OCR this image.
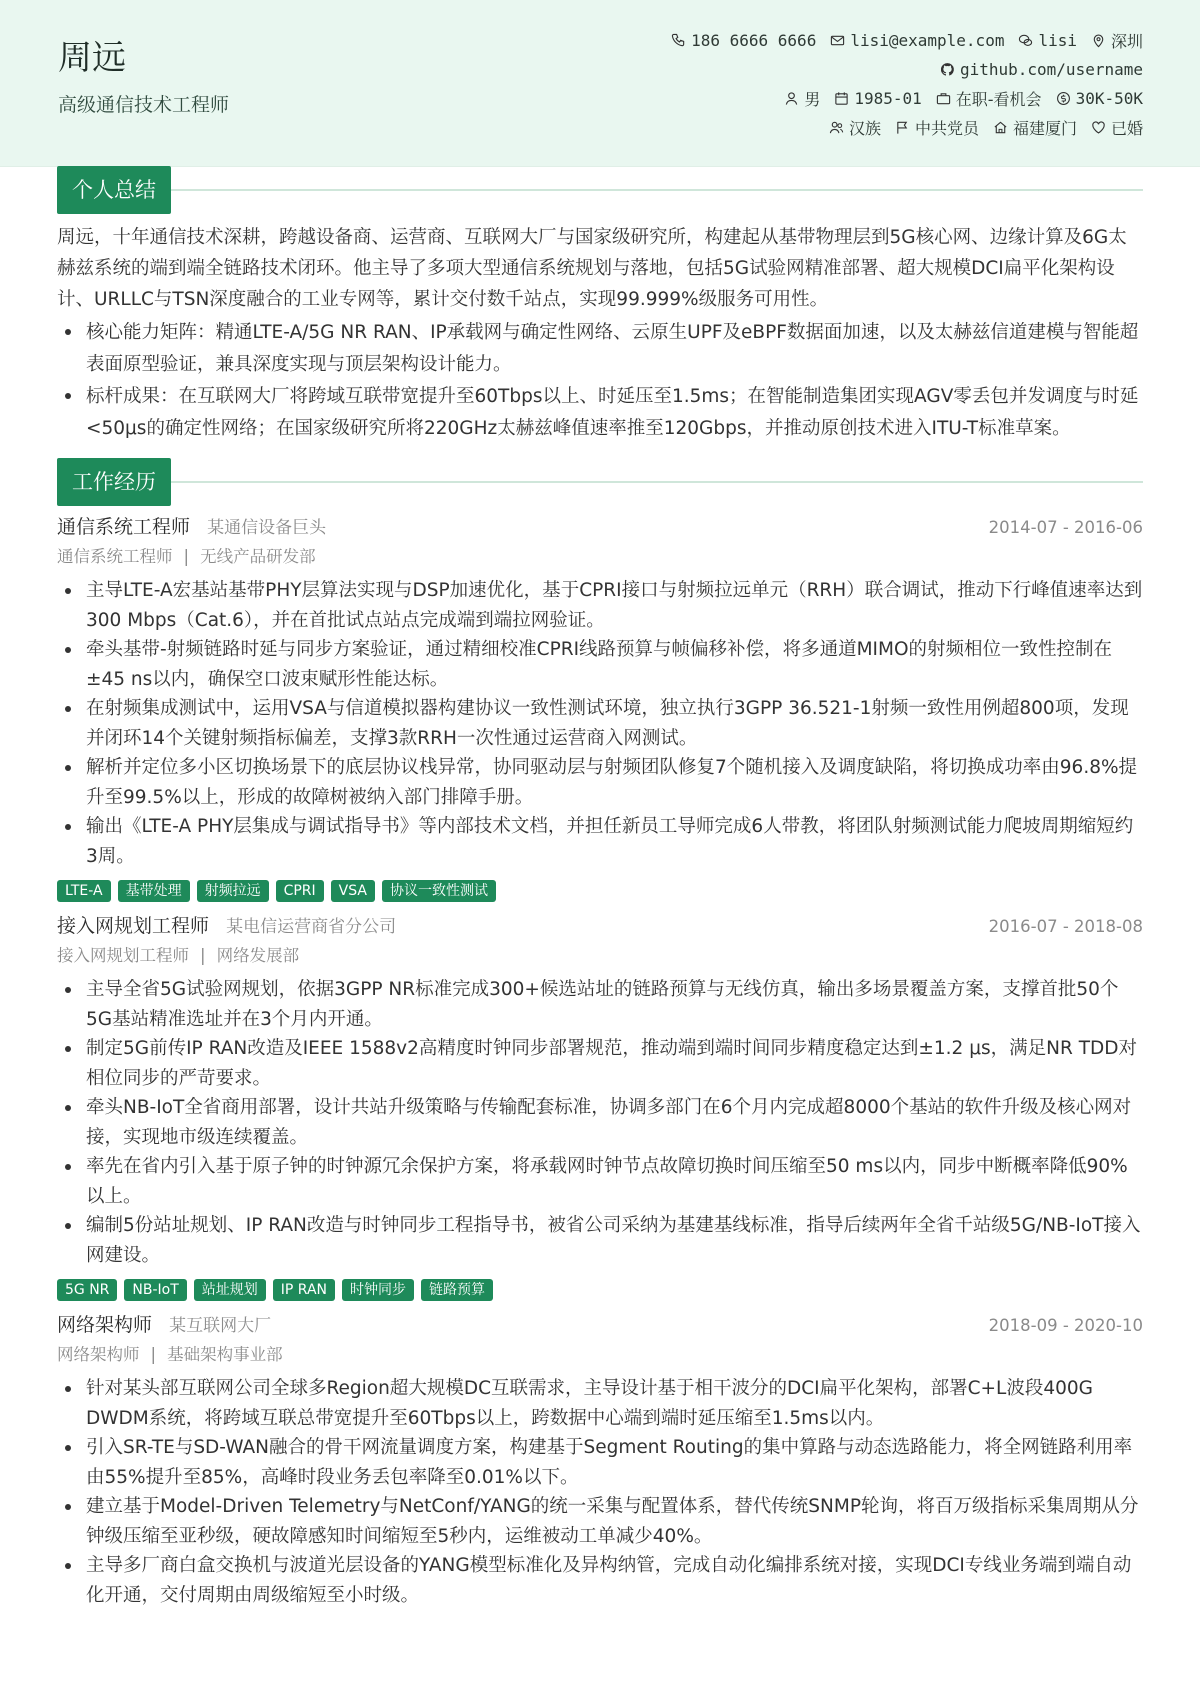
周远
高级通信技术工程师
186 6666 6666 lisi@example.com lisi 深圳
github.com/username
男 1985-01 在职-看机会 30K-50K
汉族 中共党员 福建厦门 已婚
个人总结

周远，十年通信技术深耕，跨越设备商、运营商、互联网大厂与国家级研究所，构建起从基带物理层到5G核心网、边缘计算及6G太赫兹系统的端到端全链路技术闭环。他主导了多项大型通信系统规划与落地，包括5G试验网精准部署、超大规模DCI扁平化架构设计、URLLC与TSN深度融合的工业专网等，累计交付数千站点，实现99.999%级服务可用性。

核心能力矩阵：精通LTE-A/5G NR RAN、IP承载网与确定性网络、云原生UPF及eBPF数据面加速，以及太赫兹信道建模与智能超表面原型验证，兼具深度实现与顶层架构设计能力。
标杆成果：在互联网大厂将跨域互联带宽提升至60Tbps以上、时延压至1.5ms；在智能制造集团实现AGV零丢包并发调度与时延<50μs的确定性网络；在国家级研究所将220GHz太赫兹峰值速率推至120Gbps，并推动原创技术进入ITU-T标准草案。
工作经历
通信系统工程师 某通信设备巨头	2014-07 - 2016-06
通信系统工程师 | 无线产品研发部
主导LTE-A宏基站基带PHY层算法实现与DSP加速优化，基于CPRI接口与射频拉远单元（RRH）联合调试，推动下行峰值速率达到300 Mbps（Cat.6），并在首批试点站点完成端到端拉网验证。
牵头基带-射频链路时延与同步方案验证，通过精细校准CPRI线路预算与帧偏移补偿，将多通道MIMO的射频相位一致性控制在±45 ns以内，确保空口波束赋形性能达标。
在射频集成测试中，运用VSA与信道模拟器构建协议一致性测试环境，独立执行3GPP 36.521-1射频一致性用例超800项，发现并闭环14个关键射频指标偏差，支撑3款RRH一次性通过运营商入网测试。
解析并定位多小区切换场景下的底层协议栈异常，协同驱动层与射频团队修复7个随机接入及调度缺陷，将切换成功率由96.8%提升至99.5%以上，形成的故障树被纳入部门排障手册。
输出《LTE-A PHY层集成与调试指导书》等内部技术文档，并担任新员工导师完成6人带教，将团队射频测试能力爬坡周期缩短约3周。
LTE-A	基带处理	射频拉远	CPRI	VSA	协议一致性测试
接入网规划工程师 某电信运营商省分公司	2016-07 - 2018-08
接入网规划工程师 | 网络发展部
主导全省5G试验网规划，依据3GPP NR标准完成300+候选站址的链路预算与无线仿真，输出多场景覆盖方案，支撑首批50个5G基站精准选址并在3个月内开通。
制定5G前传IP RAN改造及IEEE 1588v2高精度时钟同步部署规范，推动端到端时间同步精度稳定达到±1.2 μs，满足NR TDD对相位同步的严苛要求。
牵头NB-IoT全省商用部署，设计共站升级策略与传输配套标准，协调多部门在6个月内完成超8000个基站的软件升级及核心网对接，实现地市级连续覆盖。
率先在省内引入基于原子钟的时钟源冗余保护方案，将承载网时钟节点故障切换时间压缩至50 ms以内，同步中断概率降低90%以上。
编制5份站址规划、IP RAN改造与时钟同步工程指导书，被省公司采纳为基建基线标准，指导后续两年全省千站级5G/NB-IoT接入网建设。
5G NR	NB-IoT	站址规划	IP RAN	时钟同步	链路预算
网络架构师 某互联网大厂	2018-09 - 2020-10
网络架构师 | 基础架构事业部
针对某头部互联网公司全球多Region超大规模DC互联需求，主导设计基于相干波分的DCI扁平化架构，部署C+L波段400G DWDM系统，将跨域互联总带宽提升至60Tbps以上，跨数据中心端到端时延压缩至1.5ms以内。
引入SR-TE与SD-WAN融合的骨干网流量调度方案，构建基于Segment Routing的集中算路与动态选路能力，将全网链路利用率由55%提升至85%，高峰时段业务丢包率降至0.01%以下。
建立基于Model-Driven Telemetry与NetConf/YANG的统一采集与配置体系，替代传统SNMP轮询，将百万级指标采集周期从分钟级压缩至亚秒级，硬故障感知时间缩短至5秒内，运维被动工单减少40%。
主导多厂商白盒交换机与波道光层设备的YANG模型标准化及异构纳管，完成自动化编排系统对接，实现DCI专线业务端到端自动化开通，交付周期由周级缩短至小时级。
